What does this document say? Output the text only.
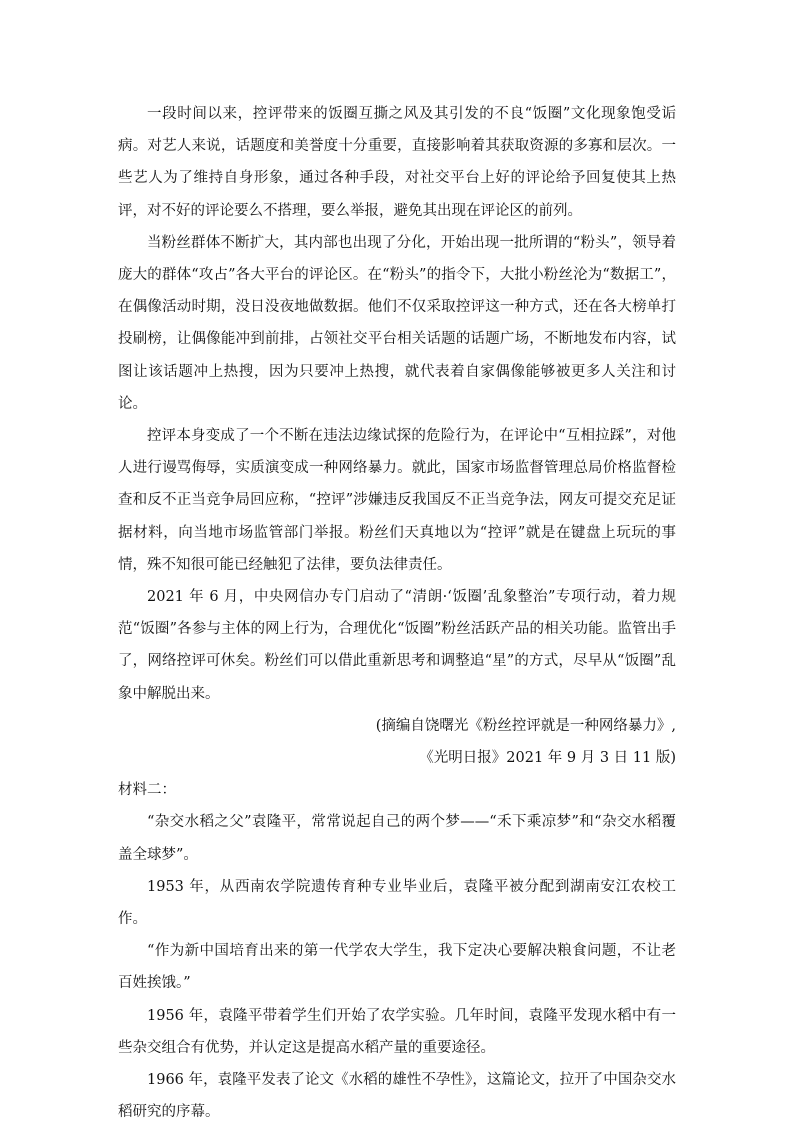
一段时间以来，控评带来的饭圈互撕之风及其引发的不良“饭圈”文化现象饱受诟病。对艺人来说，话题度和美誉度十分重要，直接影响着其获取资源的多寡和层次。一些艺人为了维持自身形象，通过各种手段，对社交平台上好的评论给予回复使其上热评，对不好的评论要么不搭理，要么举报，避免其出现在评论区的前列。

当粉丝群体不断扩大，其内部也出现了分化，开始出现一批所谓的“粉头”，领导着庞大的群体“攻占”各大平台的评论区。在“粉头”的指令下，大批小粉丝沦为“数据工”，在偶像活动时期，没日没夜地做数据。他们不仅采取控评这一种方式，还在各大榜单打投刷榜，让偶像能冲到前排，占领社交平台相关话题的话题广场，不断地发布内容，试图让该话题冲上热搜，因为只要冲上热搜，就代表着自家偶像能够被更多人关注和讨论。

控评本身变成了一个不断在违法边缘试探的危险行为，在评论中“互相拉踩”，对他人进行谩骂侮辱，实质演变成一种网络暴力。就此，国家市场监督管理总局价格监督检查和反不正当竞争局回应称，“控评”涉嫌违反我国反不正当竞争法，网友可提交充足证据材料，向当地市场监管部门举报。粉丝们天真地以为“控评”就是在键盘上玩玩的事情，殊不知很可能已经触犯了法律，要负法律责任。

2021 年 6 月，中央网信办专门启动了“清朗·‘饭圈’乱象整治”专项行动，着力规范“饭圈”各参与主体的网上行为，合理优化“饭圈”粉丝活跃产品的相关功能。监管出手了，网络控评可休矣。粉丝们可以借此重新思考和调整追“星”的方式，尽早从“饭圈”乱象中解脱出来。

(摘编自饶曙光《粉丝控评就是一种网络暴力》,

《光明日报》2021 年 9 月 3 日 11 版)

材料二：

“杂交水稻之父”袁隆平，常常说起自己的两个梦——“禾下乘凉梦”和“杂交水稻覆盖全球梦”。

1953 年，从西南农学院遗传育种专业毕业后，袁隆平被分配到湖南安江农校工作。

“作为新中国培育出来的第一代学农大学生，我下定决心要解决粮食问题，不让老百姓挨饿。”

1956 年，袁隆平带着学生们开始了农学实验。几年时间，袁隆平发现水稻中有一些杂交组合有优势，并认定这是提高水稻产量的重要途径。

1966 年，袁隆平发表了论文《水稻的雄性不孕性》，这篇论文，拉开了中国杂交水稻研究的序幕。
